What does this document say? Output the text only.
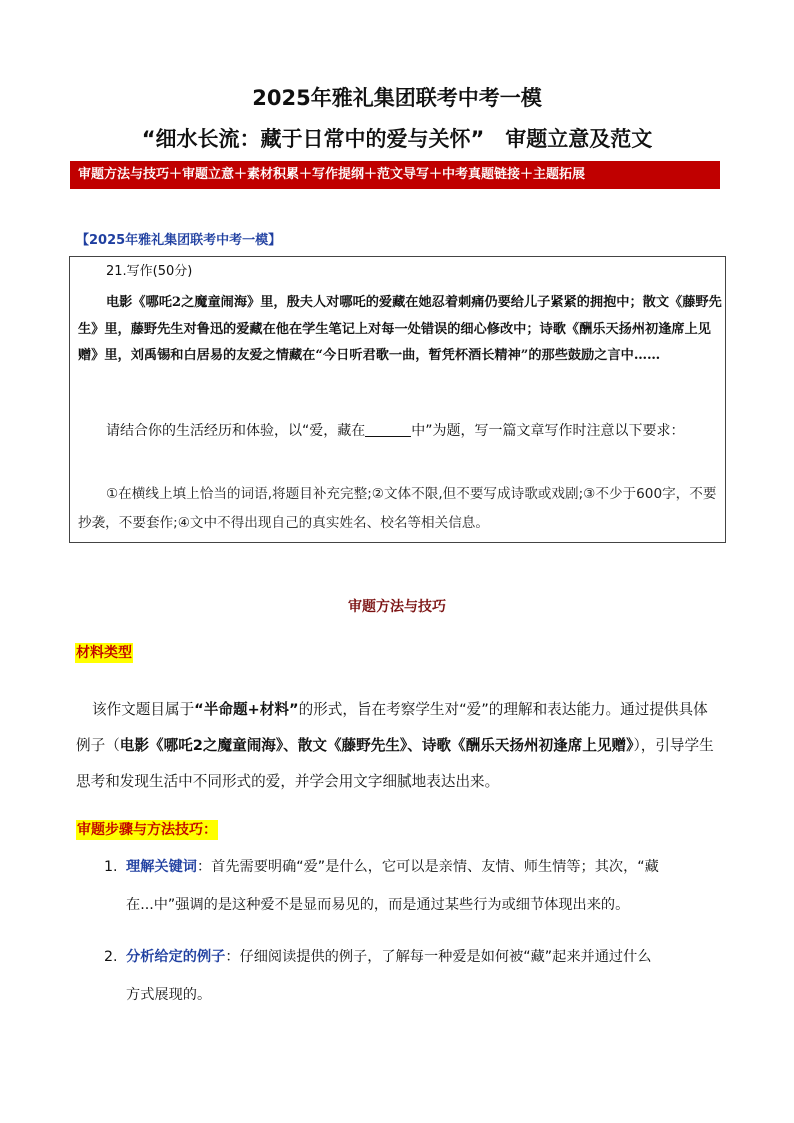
2025年雅礼集团联考中考一模
“细水长流：藏于日常中的爱与关怀”　审题立意及范文
审题方法与技巧＋审题立意＋素材积累＋写作提纲＋范文导写＋中考真题链接＋主题拓展
【2025年雅礼集团联考中考一模】
21.写作(50分)
电影《哪吒2之魔童闹海》里，殷夫人对哪吒的爱藏在她忍着刺痛仍要给儿子紧紧的拥抱中；散文《藤野先生》里，藤野先生对鲁迅的爱藏在他在学生笔记上对每一处错误的细心修改中；诗歌《酬乐天扬州初逢席上见赠》里，刘禹锡和白居易的友爱之情藏在“今日听君歌一曲，暂凭杯酒长精神”的那些鼓励之言中……
请结合你的生活经历和体验，以“爱，藏在	中”为题，写一篇文章写作时注意以下要求：
①在横线上填上恰当的词语,将题目补充完整;②文体不限,但不要写成诗歌或戏剧;③不少于600字，不要抄袭，不要套作;④文中不得出现自己的真实姓名、校名等相关信息。
审题方法与技巧
材料类型
该作文题目属于“半命题+材料”的形式，旨在考察学生对“爱”的理解和表达能力。通过提供具体例子（电影《哪吒2之魔童闹海》、散文《藤野先生》、诗歌《酬乐天扬州初逢席上见赠》），引导学生思考和发现生活中不同形式的爱，并学会用文字细腻地表达出来。
审题步骤与方法技巧：
1. 理解关键词：首先需要明确“爱”是什么，它可以是亲情、友情、师生情等；其次，“藏
在...中”强调的是这种爱不是显而易见的，而是通过某些行为或细节体现出来的。
2. 分析给定的例子：仔细阅读提供的例子，了解每一种爱是如何被“藏”起来并通过什么
方式展现的。
